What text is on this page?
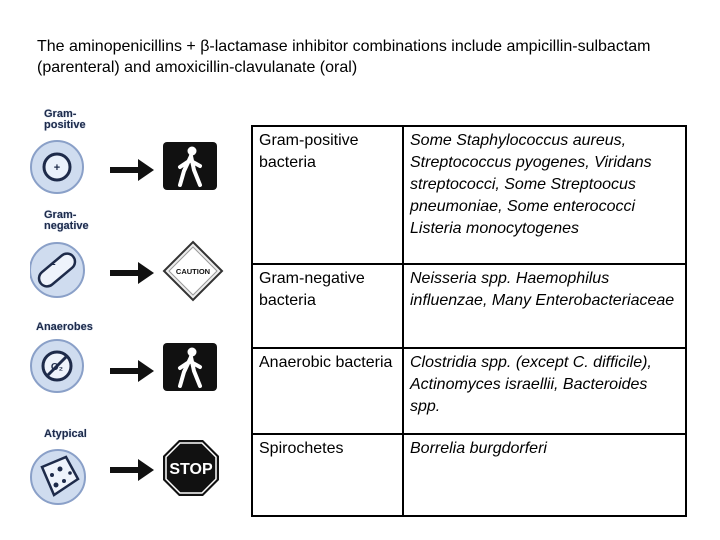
The aminopenicillins + β-lactamase inhibitor combinations include ampicillin-sulbactam (parenteral) and amoxicillin-clavulanate (oral)
Gram-
positive
+
Gram-
negative
–
CAUTION
Anaerobes
O₂
Atypical
STOP
Gram-positive bacteria	Some Staphylococcus aureus, Streptococcus pyogenes, Viridans streptococci, Some Streptoocus pneumoniae, Some enterococci Listeria monocytogenes
Gram-negative bacteria	Neisseria spp. Haemophilus influenzae, Many Enterobacteriaceae
Anaerobic bacteria	Clostridia spp. (except C. difficile), Actinomyces israellii, Bacteroides spp.
Spirochetes	Borrelia burgdorferi
